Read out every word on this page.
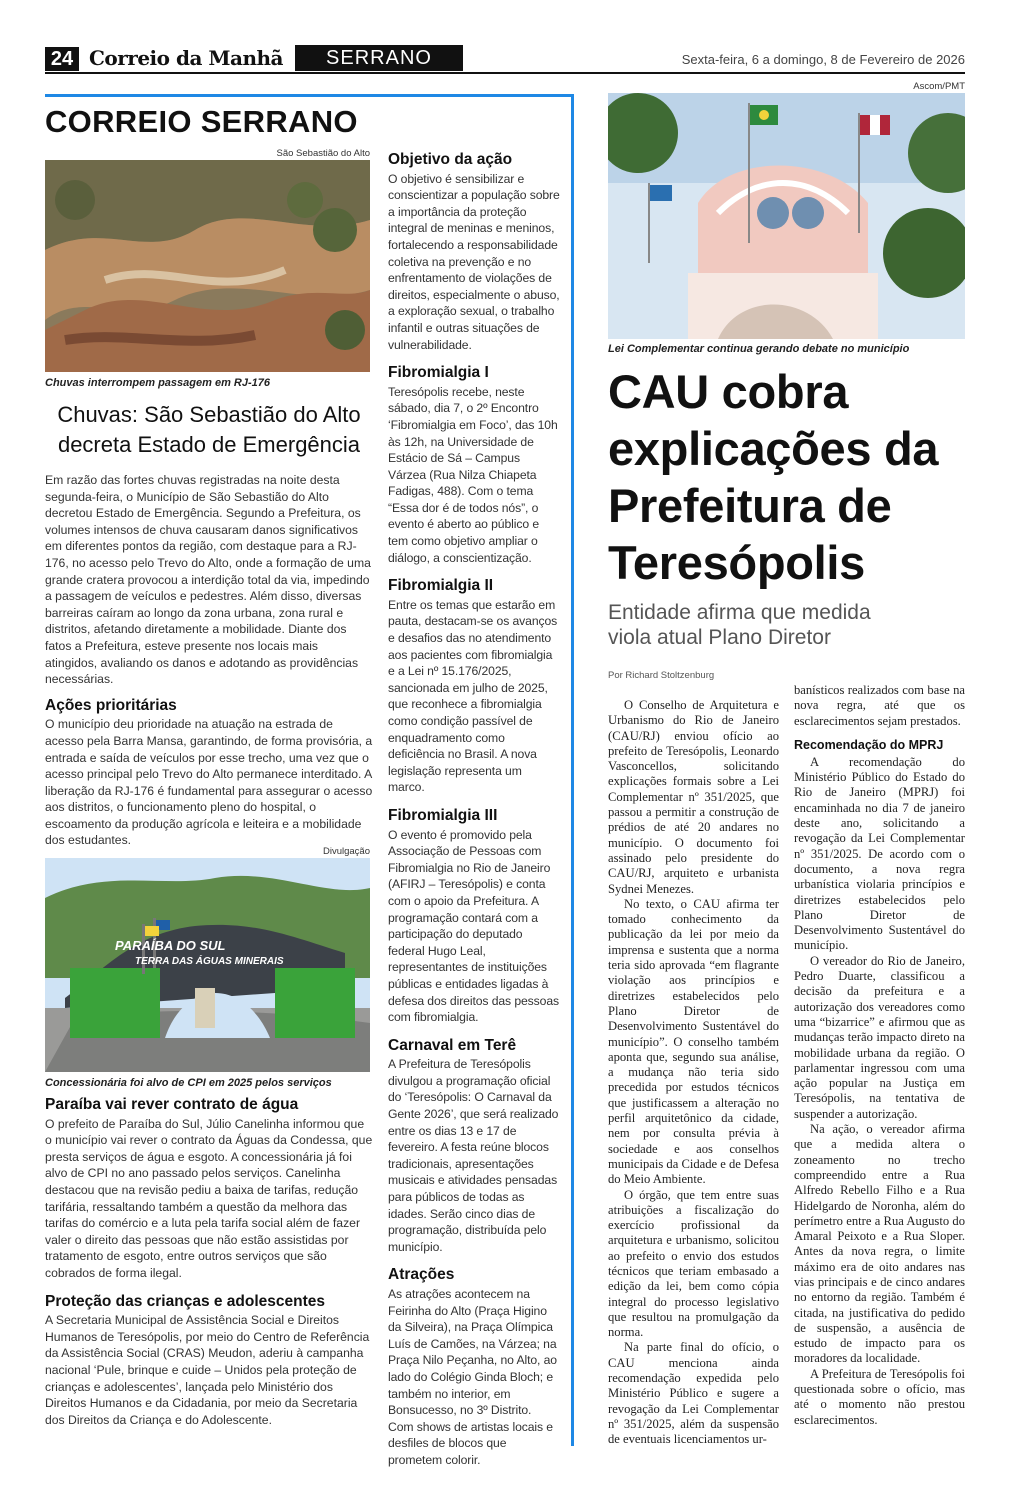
24 Correio da Manhã	SERRANO	Sexta-feira, 6 a domingo, 8 de Fevereiro de 2026
CORREIO SERRANO
São Sebastião do Alto
Chuvas interrompem passagem em RJ-176
Chuvas: São Sebastião do Alto
decreta Estado de Emergência

Em razão das fortes chuvas registradas na noite desta segunda-feira, o Município de São Sebastião do Alto decretou Estado de Emergência. Segundo a Prefeitura, os volumes intensos de chuva causaram danos significativos em diferentes pontos da região, com destaque para a RJ-176, no acesso pelo Trevo do Alto, onde a formação de uma grande cratera provocou a interdição total da via, impedindo a passagem de veículos e pedestres. Além disso, diversas barreiras caíram ao longo da zona urbana, zona rural e distritos, afetando diretamente a mobilidade. Diante dos fatos a Prefeitura, esteve presente nos locais mais atingidos, avaliando os danos e adotando as providências necessárias.

Ações prioritárias

O município deu prioridade na atuação na estrada de acesso pela Barra Mansa, garantindo, de forma provisória, a entrada e saída de veículos por esse trecho, uma vez que o acesso principal pelo Trevo do Alto permanece interditado. A liberação da RJ-176 é fundamental para assegurar o acesso aos distritos, o funcionamento pleno do hospital, o escoamento da produção agrícola e leiteira e a mobilidade dos estudantes.

Divulgação
PARAÍBA DO SUL
TERRA DAS ÁGUAS MINERAIS
Concessionária foi alvo de CPI em 2025 pelos serviços
Paraíba vai rever contrato de água

O prefeito de Paraíba do Sul, Júlio Canelinha informou que o município vai rever o contrato da Águas da Condessa, que presta serviços de água e esgoto. A concessionária já foi alvo de CPI no ano passado pelos serviços. Canelinha destacou que na revisão pediu a baixa de tarifas, redução tarifária, ressaltando também a questão da melhora das tarifas do comércio e a luta pela tarifa social além de fazer valer o direito das pessoas que não estão assistidas por tratamento de esgoto, entre outros serviços que são cobrados de forma ilegal.

Proteção das crianças e adolescentes

A Secretaria Municipal de Assistência Social e Direitos Humanos de Teresópolis, por meio do Centro de Referência da Assistência Social (CRAS) Meudon, aderiu à campanha nacional ‘Pule, brinque e cuide – Unidos pela proteção de crianças e adolescentes’, lançada pelo Ministério dos Direitos Humanos e da Cidadania, por meio da Secretaria dos Direitos da Criança e do Adolescente.

Objetivo da ação

O objetivo é sensibilizar e conscientizar a população sobre a importância da proteção integral de meninas e meninos, fortalecendo a responsabilidade coletiva na prevenção e no enfrentamento de violações de direitos, especialmente o abuso, a exploração sexual, o trabalho infantil e outras situações de vulnerabilidade.

Fibromialgia I

Teresópolis recebe, neste sábado, dia 7, o 2º Encontro ‘Fibromialgia em Foco’, das 10h às 12h, na Universidade de Estácio de Sá – Campus Várzea (Rua Nilza Chiapeta Fadigas, 488). Com o tema “Essa dor é de todos nós”, o evento é aberto ao público e tem como objetivo ampliar o diálogo, a conscientização.

Fibromialgia II

Entre os temas que estarão em pauta, destacam-se os avanços e desafios das no atendimento aos pacientes com fibromialgia e a Lei nº 15.176/2025, sancionada em julho de 2025, que reconhece a fibromialgia como condição passível de enquadramento como deficiência no Brasil. A nova legislação representa um marco.

Fibromialgia III

O evento é promovido pela Associação de Pessoas com Fibromialgia no Rio de Janeiro (AFIRJ – Teresópolis) e conta com o apoio da Prefeitura. A programação contará com a participação do deputado federal Hugo Leal, representantes de instituições públicas e entidades ligadas à defesa dos direitos das pessoas com fibromialgia.

Carnaval em Terê

A Prefeitura de Teresópolis divulgou a programação oficial do ‘Teresópolis: O Carnaval da Gente 2026’, que será realizado entre os dias 13 e 17 de fevereiro. A festa reúne blocos tradicionais, apresentações musicais e atividades pensadas para públicos de todas as idades. Serão cinco dias de programação, distribuída pelo município.

Atrações

As atrações acontecem na Feirinha do Alto (Praça Higino da Silveira), na Praça Olímpica Luís de Camões, na Várzea; na Praça Nilo Peçanha, no Alto, ao lado do Colégio Ginda Bloch; e também no interior, em Bonsucesso, no 3º Distrito. Com shows de artistas locais e desfiles de blocos que prometem colorir.

Ascom/PMT
Lei Complementar continua gerando debate no município
CAU cobra
explicações da
Prefeitura de
Teresópolis
Entidade afirma que medida
viola atual Plano Diretor
Por Richard Stoltzenburg

O Conselho de Arquitetura e Urbanismo do Rio de Janeiro (CAU/RJ) enviou ofício ao prefeito de Teresópolis, Leonardo Vasconcellos, solicitando explicações formais sobre a Lei Complementar nº 351/2025, que passou a permitir a construção de prédios de até 20 andares no município. O documento foi assinado pelo presidente do CAU/RJ, arquiteto e urbanista Sydnei Menezes.

No texto, o CAU afirma ter tomado conhecimento da publicação da lei por meio da imprensa e sustenta que a norma teria sido aprovada “em flagrante violação aos princípios e diretrizes estabelecidos pelo Plano Diretor de Desenvolvimento Sustentável do município”. O conselho também aponta que, segundo sua análise, a mudança não teria sido precedida por estudos técnicos que justificassem a alteração no perfil arquitetônico da cidade, nem por consulta prévia à sociedade e aos conselhos municipais da Cidade e de Defesa do Meio Ambiente.

O órgão, que tem entre suas atribuições a fiscalização do exercício profissional da arquitetura e urbanismo, solicitou ao prefeito o envio dos estudos técnicos que teriam embasado a edição da lei, bem como cópia integral do processo legislativo que resultou na promulgação da norma.

Na parte final do ofício, o CAU menciona ainda recomendação expedida pelo Ministério Público e sugere a revogação da Lei Complementar nº 351/2025, além da suspensão de eventuais licenciamentos ur-

banísticos realizados com base na nova regra, até que os esclarecimentos sejam prestados.

Recomendação do MPRJ

A recomendação do Ministério Público do Estado do Rio de Janeiro (MPRJ) foi encaminhada no dia 7 de janeiro deste ano, solicitando a revogação da Lei Complementar nº 351/2025. De acordo com o documento, a nova regra urbanística violaria princípios e diretrizes estabelecidos pelo Plano Diretor de Desenvolvimento Sustentável do município.

O vereador do Rio de Janeiro, Pedro Duarte, classificou a decisão da prefeitura e a autorização dos vereadores como uma “bizarrice” e afirmou que as mudanças terão impacto direto na mobilidade urbana da região. O parlamentar ingressou com uma ação popular na Justiça em Teresópolis, na tentativa de suspender a autorização.

Na ação, o vereador afirma que a medida altera o zoneamento no trecho compreendido entre a Rua Alfredo Rebello Filho e a Rua Hidelgardo de Noronha, além do perímetro entre a Rua Augusto do Amaral Peixoto e a Rua Sloper. Antes da nova regra, o limite máximo era de oito andares nas vias principais e de cinco andares no entorno da região. Também é citada, na justificativa do pedido de suspensão, a ausência de estudo de impacto para os moradores da localidade.

A Prefeitura de Teresópolis foi questionada sobre o ofício, mas até o momento não prestou esclarecimentos.
